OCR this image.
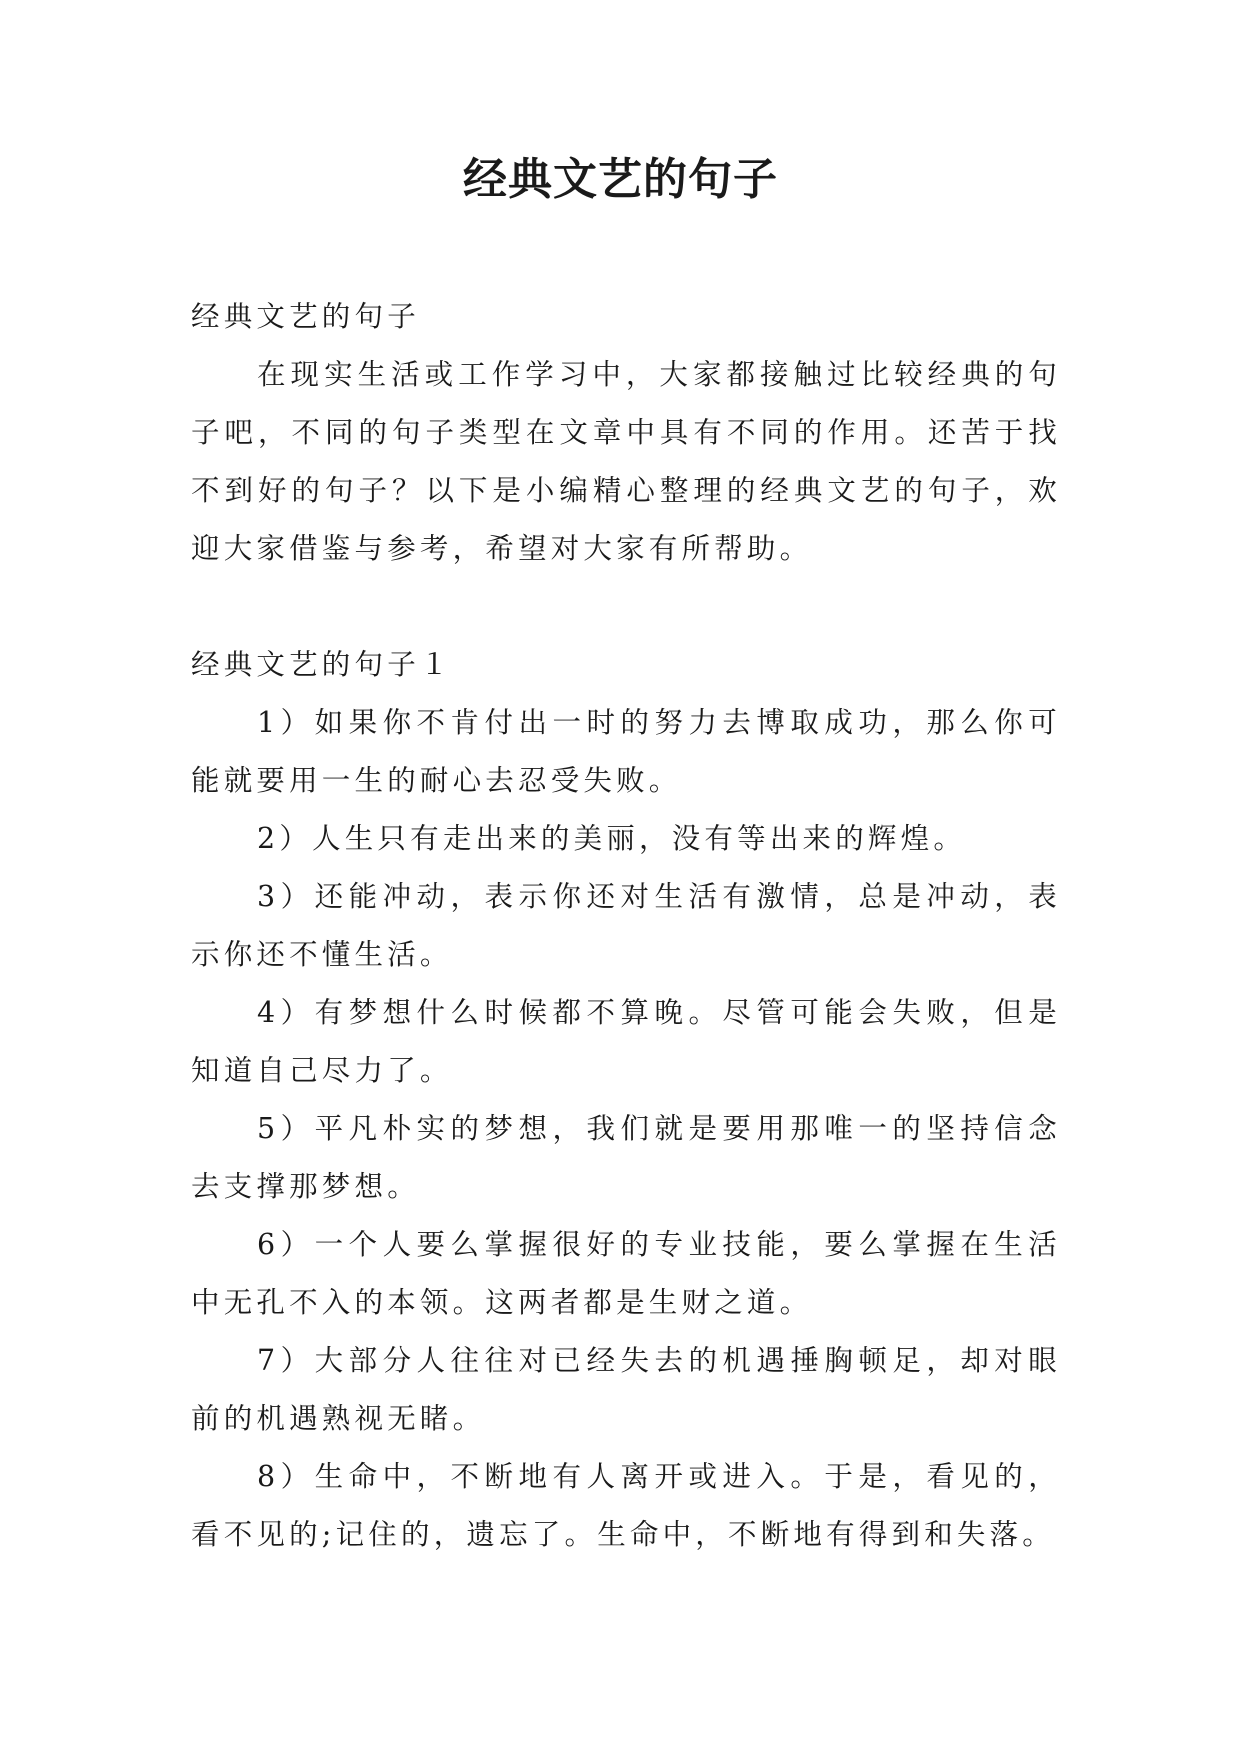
经典文艺的句子

经典文艺的句子

在现实生活或工作学习中，大家都接触过比较经典的句子吧，不同的句子类型在文章中具有不同的作用。还苦于找不到好的句子？以下是小编精心整理的经典文艺的句子，欢迎大家借鉴与参考，希望对大家有所帮助。

经典文艺的句子１

1）如果你不肯付出一时的努力去博取成功，那么你可能就要用一生的耐心去忍受失败。

2）人生只有走出来的美丽，没有等出来的辉煌。

3）还能冲动，表示你还对生活有激情，总是冲动，表示你还不懂生活。

4）有梦想什么时候都不算晚。尽管可能会失败，但是知道自己尽力了。

5）平凡朴实的梦想，我们就是要用那唯一的坚持信念去支撑那梦想。

6）一个人要么掌握很好的专业技能，要么掌握在生活中无孔不入的本领。这两者都是生财之道。

7）大部分人往往对已经失去的机遇捶胸顿足，却对眼前的机遇熟视无睹。

8）生命中，不断地有人离开或进入。于是，看见的，看不见的;记住的，遗忘了。生命中，不断地有得到和失落。
